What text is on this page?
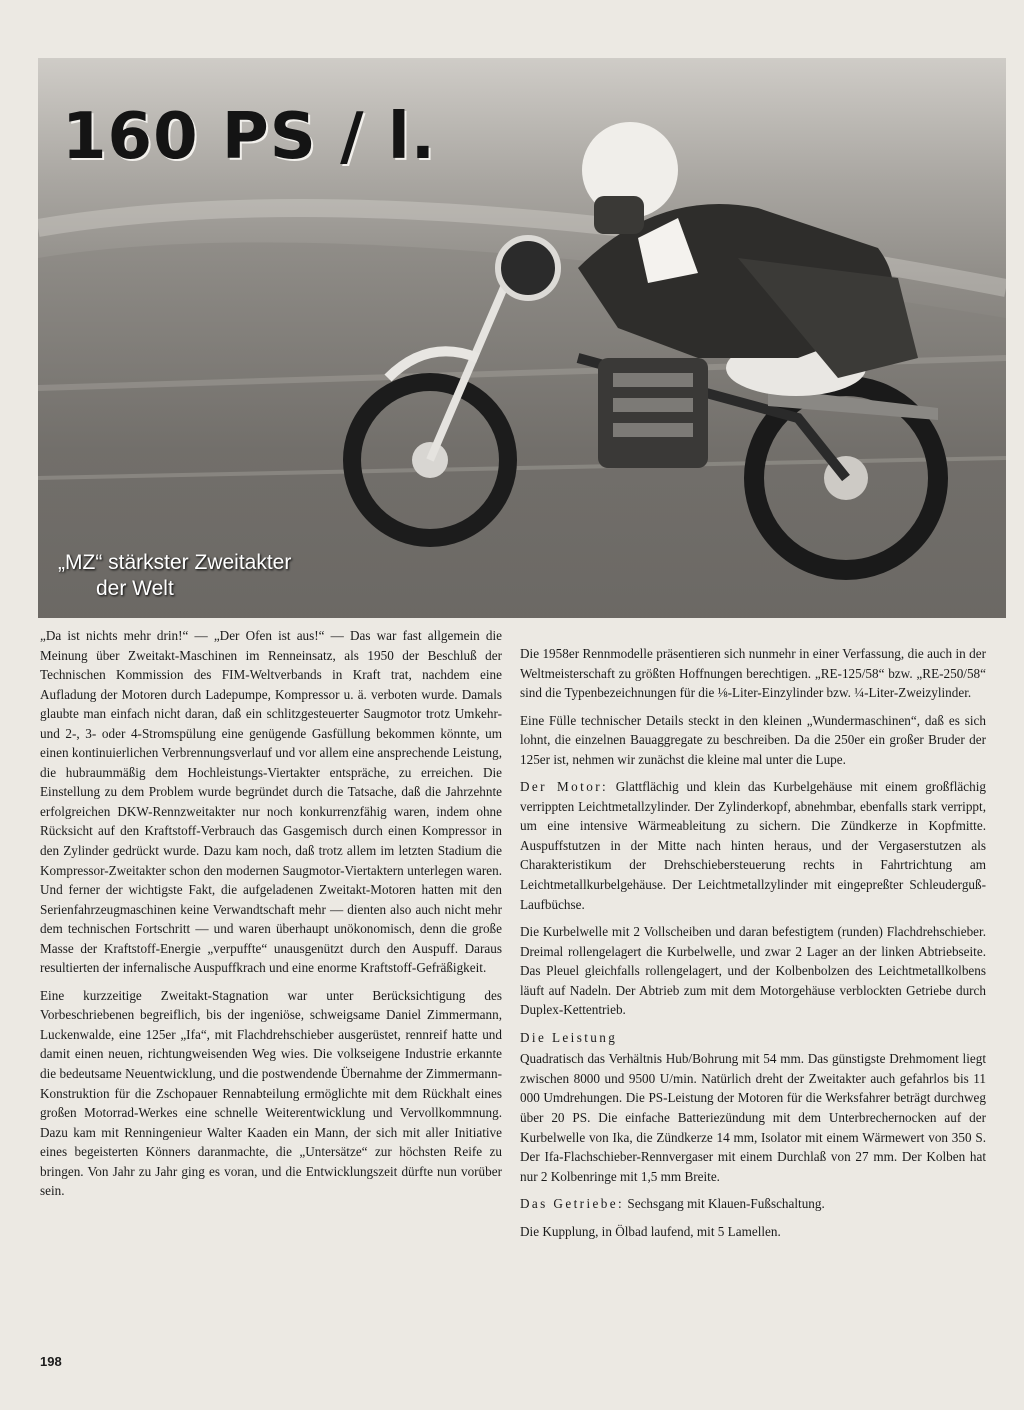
160 PS / l.
„MZ“ stärkster Zweitakter
der Welt

„Da ist nichts mehr drin!“ — „Der Ofen ist aus!“ — Das war fast allgemein die Meinung über Zweitakt-Maschinen im Renneinsatz, als 1950 der Beschluß der Technischen Kommission des FIM-Weltverbands in Kraft trat, nachdem eine Aufladung der Motoren durch Ladepumpe, Kompressor u. ä. verboten wurde. Damals glaubte man einfach nicht daran, daß ein schlitzgesteuerter Saugmotor trotz Umkehr- und 2-, 3- oder 4-Stromspülung eine genügende Gasfüllung bekommen könnte, um einen kontinuierlichen Verbrennungsverlauf und vor allem eine ansprechende Leistung, die hubraummäßig dem Hochleistungs-Viertakter entspräche, zu erreichen. Die Einstellung zu dem Problem wurde begründet durch die Tatsache, daß die Jahrzehnte erfolgreichen DKW-Rennzweitakter nur noch konkurrenzfähig waren, indem ohne Rücksicht auf den Kraftstoff-Verbrauch das Gasgemisch durch einen Kompressor in den Zylinder gedrückt wurde. Dazu kam noch, daß trotz allem im letzten Stadium die Kompressor-Zweitakter schon den modernen Saugmotor-Viertaktern unterlegen waren. Und ferner der wichtigste Fakt, die aufgeladenen Zweitakt-Motoren hatten mit den Serienfahrzeugmaschinen keine Verwandtschaft mehr — dienten also auch nicht mehr dem technischen Fortschritt — und waren überhaupt unökonomisch, denn die große Masse der Kraftstoff-Energie „verpuffte“ unausgenützt durch den Auspuff. Daraus resultierten der infernalische Auspuffkrach und eine enorme Kraftstoff-Gefräßigkeit.

Eine kurzzeitige Zweitakt-Stagnation war unter Berücksichtigung des Vorbeschriebenen begreiflich, bis der ingeniöse, schweigsame Daniel Zimmermann, Luckenwalde, eine 125er „Ifa“, mit Flachdrehschieber ausgerüstet, rennreif hatte und damit einen neuen, richtungweisenden Weg wies. Die volkseigene Industrie erkannte die bedeutsame Neuentwicklung, und die postwendende Übernahme der Zimmermann-Konstruktion für die Zschopauer Rennabteilung ermöglichte mit dem Rückhalt eines großen Motorrad-Werkes eine schnelle Weiterentwicklung und Vervollkommnung. Dazu kam mit Renningenieur Walter Kaaden ein Mann, der sich mit aller Initiative eines begeisterten Könners daranmachte, die „Untersätze“ zur höchsten Reife zu bringen. Von Jahr zu Jahr ging es voran, und die Entwicklungszeit dürfte nun vorüber sein.

Die 1958er Rennmodelle präsentieren sich nunmehr in einer Verfassung, die auch in der Weltmeisterschaft zu größten Hoffnungen berechtigen. „RE-125/58“ bzw. „RE-250/58“ sind die Typenbezeichnungen für die ⅛-Liter-Einzylinder bzw. ¼-Liter-Zweizylinder.

Eine Fülle technischer Details steckt in den kleinen „Wundermaschinen“, daß es sich lohnt, die einzelnen Bauaggregate zu beschreiben. Da die 250er ein großer Bruder der 125er ist, nehmen wir zunächst die kleine mal unter die Lupe.

Der Motor: Glattflächig und klein das Kurbelgehäuse mit einem großflächig verrippten Leichtmetallzylinder. Der Zylinderkopf, abnehmbar, ebenfalls stark verrippt, um eine intensive Wärmeableitung zu sichern. Die Zündkerze in Kopfmitte. Auspuffstutzen in der Mitte nach hinten heraus, und der Vergaserstutzen als Charakteristikum der Drehschiebersteuerung rechts in Fahrtrichtung am Leichtmetallkurbelgehäuse. Der Leichtmetallzylinder mit eingepreßter Schleuderguß-Laufbüchse.

Die Kurbelwelle mit 2 Vollscheiben und daran befestigtem (runden) Flachdrehschieber. Dreimal rollengelagert die Kurbelwelle, und zwar 2 Lager an der linken Abtriebseite. Das Pleuel gleichfalls rollengelagert, und der Kolbenbolzen des Leichtmetallkolbens läuft auf Nadeln. Der Abtrieb zum mit dem Motorgehäuse verblockten Getriebe durch Duplex-Kettentrieb.

Die Leistung

Quadratisch das Verhältnis Hub/Bohrung mit 54 mm. Das günstigste Drehmoment liegt zwischen 8000 und 9500 U/min. Natürlich dreht der Zweitakter auch gefahrlos bis 11 000 Umdrehungen. Die PS-Leistung der Motoren für die Werksfahrer beträgt durchweg über 20 PS. Die einfache Batteriezündung mit dem Unterbrechernocken auf der Kurbelwelle von Ika, die Zündkerze 14 mm, Isolator mit einem Wärmewert von 350 S. Der Ifa-Flachschieber-Rennvergaser mit einem Durchlaß von 27 mm. Der Kolben hat nur 2 Kolbenringe mit 1,5 mm Breite.

Das Getriebe: Sechsgang mit Klauen-Fußschaltung.

Die Kupplung, in Ölbad laufend, mit 5 Lamellen.

198
